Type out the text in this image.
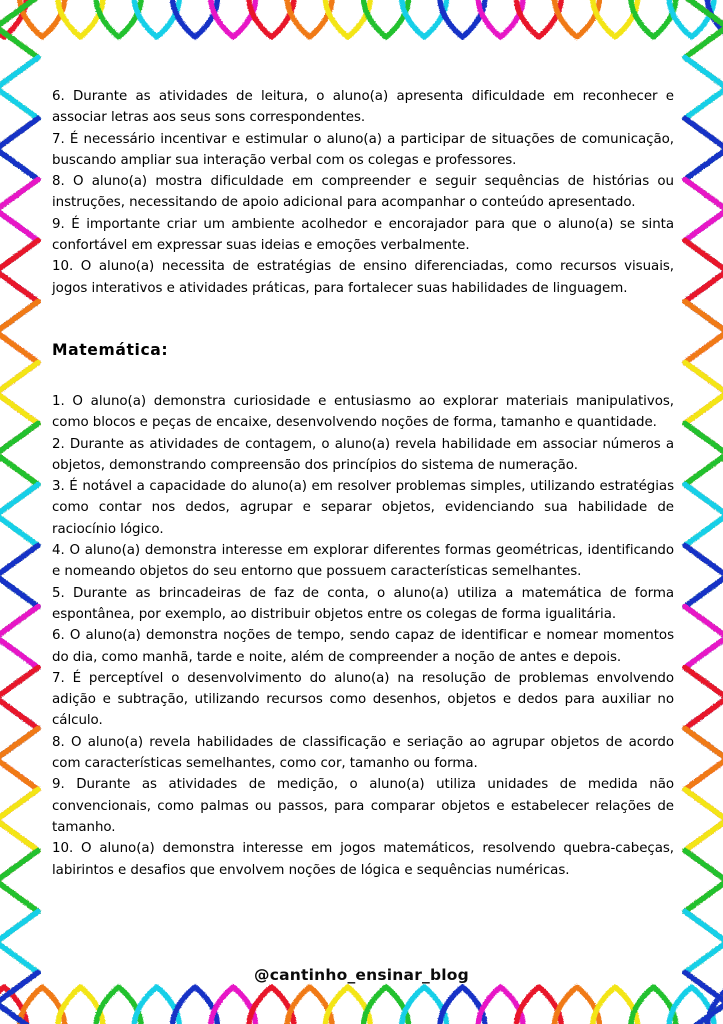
6. Durante as atividades de leitura, o aluno(a) apresenta dificuldade em reconhecer e associar letras aos seus sons correspondentes.

7. É necessário incentivar e estimular o aluno(a) a participar de situações de comunicação, buscando ampliar sua interação verbal com os colegas e professores.

8. O aluno(a) mostra dificuldade em compreender e seguir sequências de histórias ou instruções, necessitando de apoio adicional para acompanhar o conteúdo apresentado.

9. É importante criar um ambiente acolhedor e encorajador para que o aluno(a) se sinta confortável em expressar suas ideias e emoções verbalmente.

10. O aluno(a) necessita de estratégias de ensino diferenciadas, como recursos visuais, jogos interativos e atividades práticas, para fortalecer suas habilidades de linguagem.

Matemática:

1. O aluno(a) demonstra curiosidade e entusiasmo ao explorar materiais manipulativos, como blocos e peças de encaixe, desenvolvendo noções de forma, tamanho e quantidade.

2. Durante as atividades de contagem, o aluno(a) revela habilidade em associar números a objetos, demonstrando compreensão dos princípios do sistema de numeração.

3. É notável a capacidade do aluno(a) em resolver problemas simples, utilizando estratégias como contar nos dedos, agrupar e separar objetos, evidenciando sua habilidade de raciocínio lógico.

4. O aluno(a) demonstra interesse em explorar diferentes formas geométricas, identificando e nomeando objetos do seu entorno que possuem características semelhantes.

5. Durante as brincadeiras de faz de conta, o aluno(a) utiliza a matemática de forma espontânea, por exemplo, ao distribuir objetos entre os colegas de forma igualitária.

6. O aluno(a) demonstra noções de tempo, sendo capaz de identificar e nomear momentos do dia, como manhã, tarde e noite, além de compreender a noção de antes e depois.

7. É perceptível o desenvolvimento do aluno(a) na resolução de problemas envolvendo adição e subtração, utilizando recursos como desenhos, objetos e dedos para auxiliar no cálculo.

8. O aluno(a) revela habilidades de classificação e seriação ao agrupar objetos de acordo com características semelhantes, como cor, tamanho ou forma.

9. Durante as atividades de medição, o aluno(a) utiliza unidades de medida não convencionais, como palmas ou passos, para comparar objetos e estabelecer relações de tamanho.

10. O aluno(a) demonstra interesse em jogos matemáticos, resolvendo quebra-cabeças, labirintos e desafios que envolvem noções de lógica e sequências numéricas.

@cantinho_ensinar_blog
